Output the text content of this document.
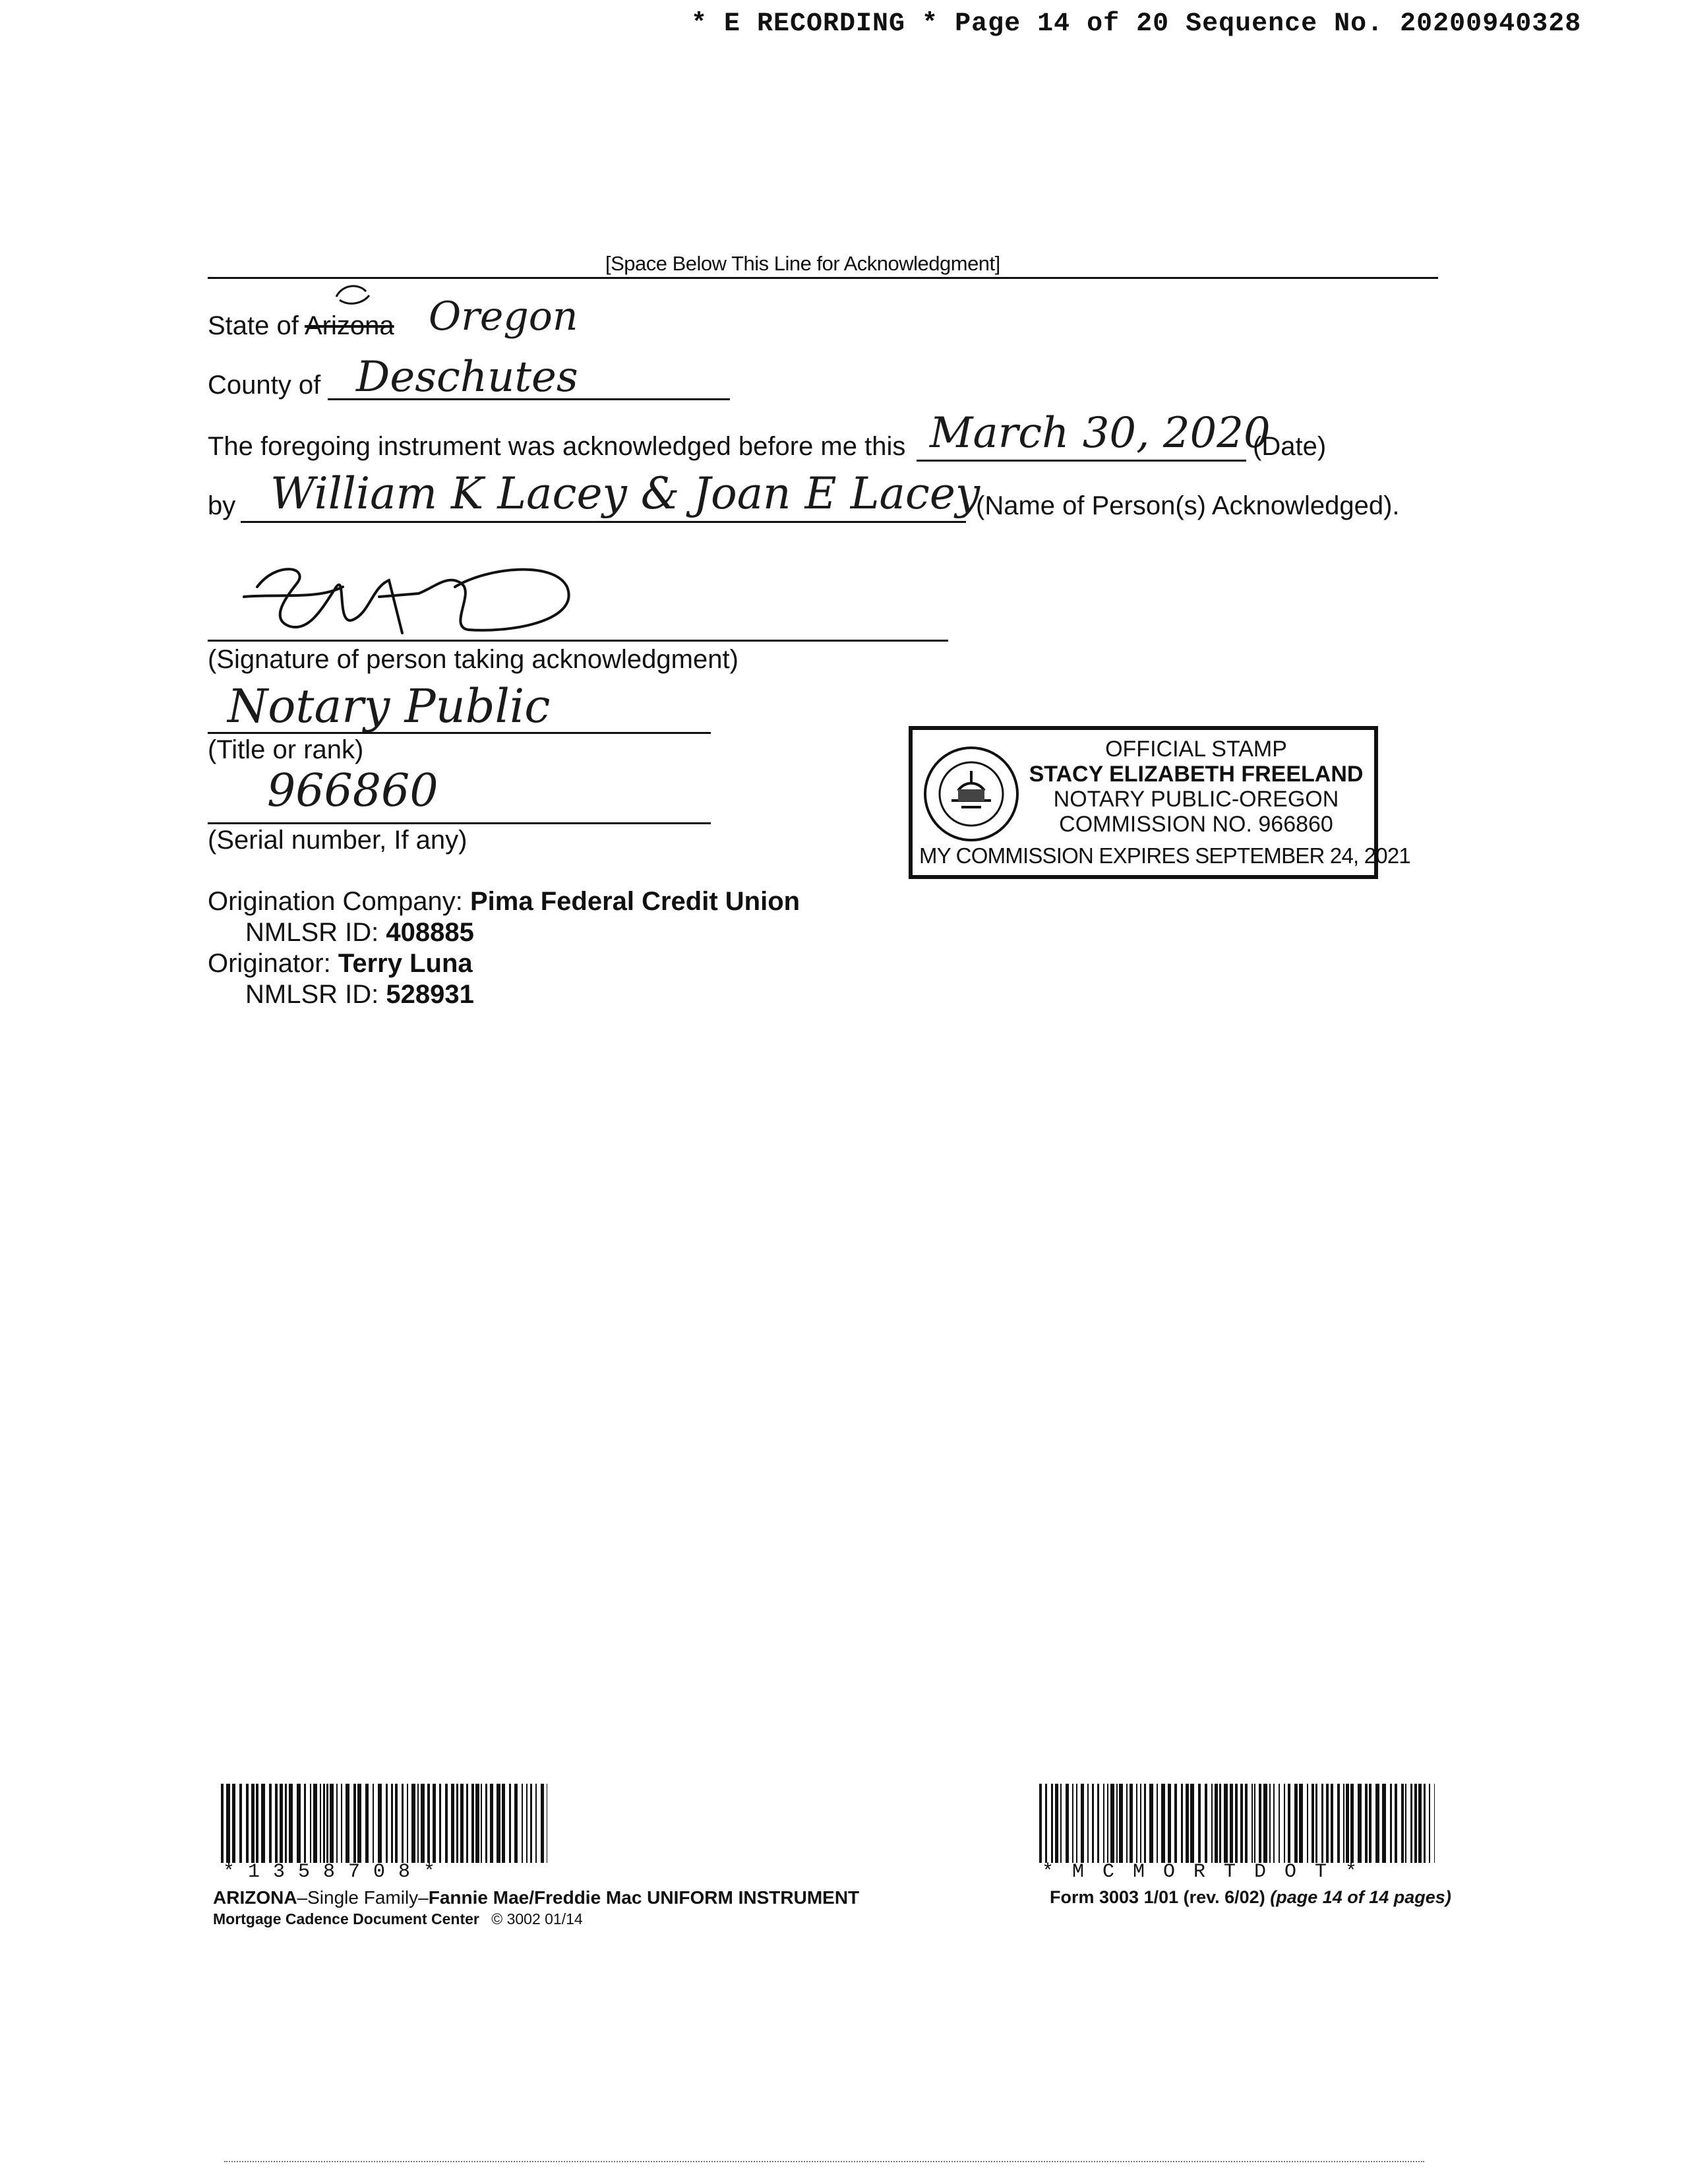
* E RECORDING * Page 14 of 20 Sequence No. 20200940328
[Space Below This Line for Acknowledgment]
State of Arizona Oregon
County of Deschutes
The foregoing instrument was acknowledged before me this March 30, 2020
(Date)
by William K Lacey & Joan E Lacey
(Name of Person(s) Acknowledged).
(Signature of person taking acknowledgment)
Notary Public
(Title or rank)
966860
(Serial number, If any)
OFFICIAL STAMP
STACY ELIZABETH FREELAND
NOTARY PUBLIC-OREGON
COMMISSION NO. 966860
MY COMMISSION EXPIRES SEPTEMBER 24, 2021
Origination Company: Pima Federal Credit Union
NMLSR ID: 408885
Originator: Terry Luna
NMLSR ID: 528931
*1358708*	*MCMORTDOT*
ARIZONA–Single Family–Fannie Mae/Freddie Mac UNIFORM INSTRUMENT
Mortgage Cadence Document Center © 3002 01/14
Form 3003 1/01 (rev. 6/02) (page 14 of 14 pages)
